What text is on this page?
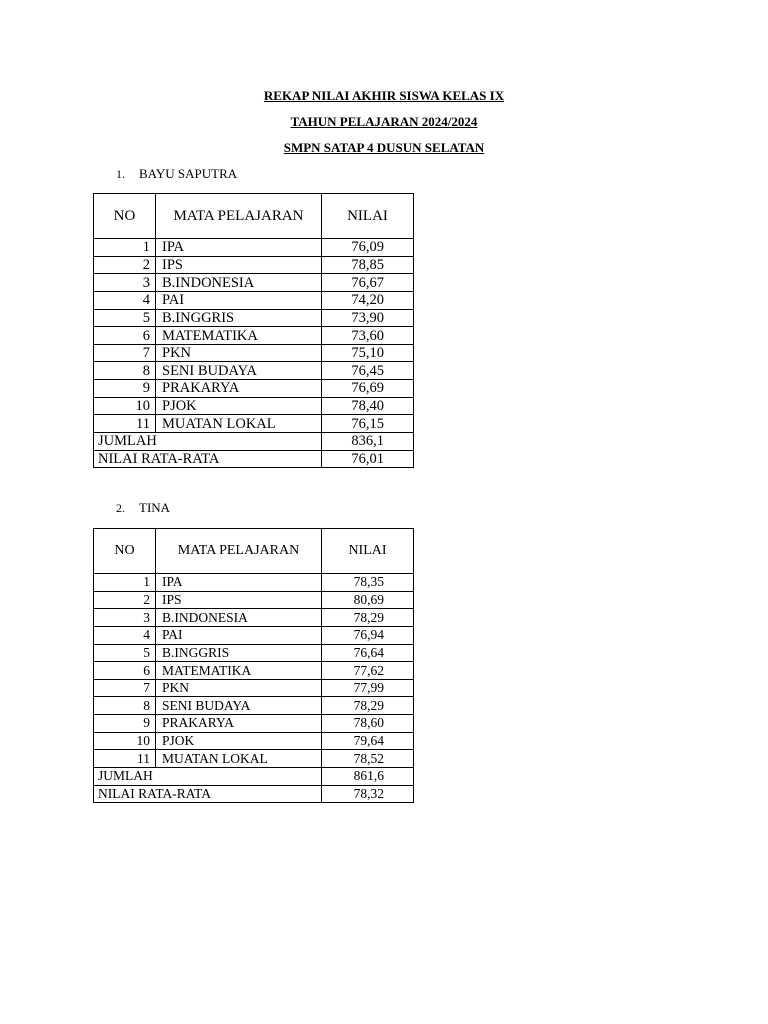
REKAP NILAI AKHIR SISWA KELAS IX
TAHUN PELAJARAN 2024/2024
SMPN SATAP 4 DUSUN SELATAN
1. BAYU SAPUTRA
NO	MATA PELAJARAN	NILAI
1	IPA	76,09
2	IPS	78,85
3	B.INDONESIA	76,67
4	PAI	74,20
5	B.INGGRIS	73,90
6	MATEMATIKA	73,60
7	PKN	75,10
8	SENI BUDAYA	76,45
9	PRAKARYA	76,69
10	PJOK	78,40
11	MUATAN LOKAL	76,15
JUMLAH		836,1
NILAI RATA-RATA		76,01
2. TINA
NO	MATA PELAJARAN	NILAI
1	IPA	78,35
2	IPS	80,69
3	B.INDONESIA	78,29
4	PAI	76,94
5	B.INGGRIS	76,64
6	MATEMATIKA	77,62
7	PKN	77,99
8	SENI BUDAYA	78,29
9	PRAKARYA	78,60
10	PJOK	79,64
11	MUATAN LOKAL	78,52
JUMLAH		861,6
NILAI RATA-RATA		78,32
